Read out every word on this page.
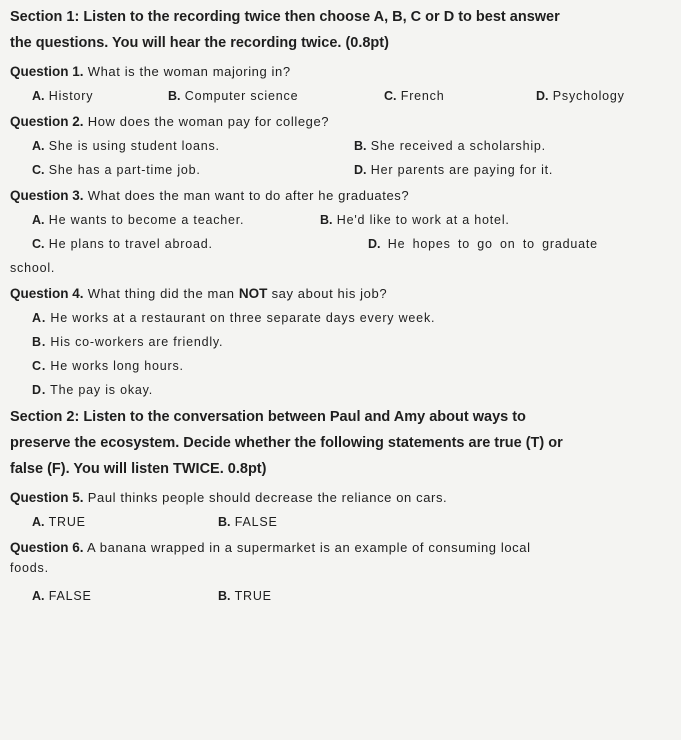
Section 1: Listen to the recording twice then choose A, B, C or D to best answer

the questions. You will hear the recording twice. (0.8pt)

Question 1. What is the woman majoring in?

A. History	B. Computer science	C. French	D. Psychology

Question 2. How does the woman pay for college?

A. She is using student loans.	B. She received a scholarship.
C. She has a part-time job.	D. Her parents are paying for it.

Question 3. What does the man want to do after he graduates?

A. He wants to become a teacher.	B. He'd like to work at a hotel.
C. He plans to travel abroad.	D. He hopes to go on to graduate

school.

Question 4. What thing did the man NOT say about his job?

A. He works at a restaurant on three separate days every week.

B. His co-workers are friendly.

C. He works long hours.

D. The pay is okay.

Section 2: Listen to the conversation between Paul and Amy about ways to

preserve the ecosystem. Decide whether the following statements are true (T) or

false (F). You will listen TWICE. 0.8pt)

Question 5. Paul thinks people should decrease the reliance on cars.

A. TRUE	B. FALSE

Question 6. A banana wrapped in a supermarket is an example of consuming local

foods.

A. FALSE	B. TRUE
